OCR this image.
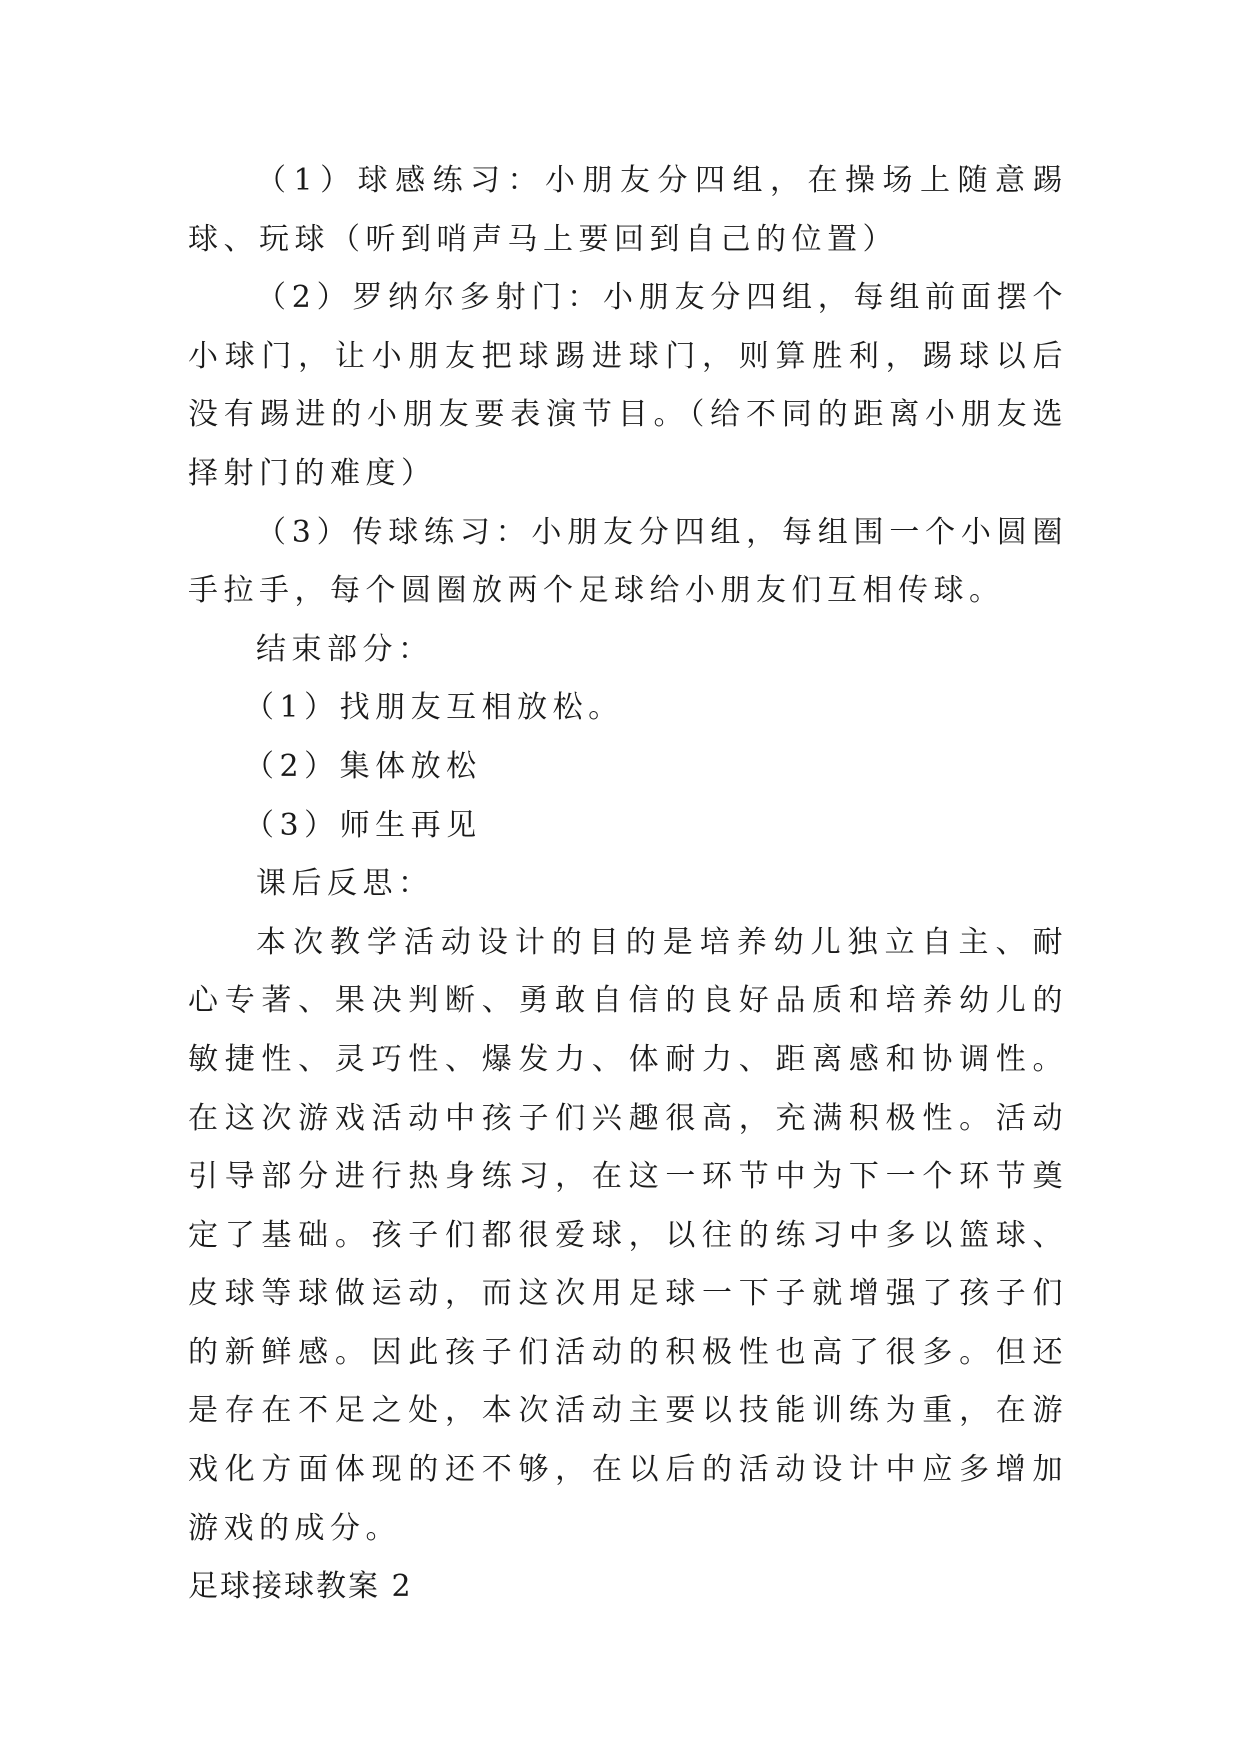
（1）球感练习：小朋友分四组，在操场上随意踢球、玩球（听到哨声马上要回到自己的位置）

（2）罗纳尔多射门：小朋友分四组，每组前面摆个小球门，让小朋友把球踢进球门，则算胜利，踢球以后没有踢进的小朋友要表演节目。（给不同的距离小朋友选择射门的难度）

（3）传球练习：小朋友分四组，每组围一个小圆圈手拉手，每个圆圈放两个足球给小朋友们互相传球。

结束部分：

（1）找朋友互相放松。

（2）集体放松

（3）师生再见

课后反思：

本次教学活动设计的目的是培养幼儿独立自主、耐心专著、果决判断、勇敢自信的良好品质和培养幼儿的敏捷性、灵巧性、爆发力、体耐力、距离感和协调性。在这次游戏活动中孩子们兴趣很高，充满积极性。活动引导部分进行热身练习，在这一环节中为下一个环节奠定了基础。孩子们都很爱球，以往的练习中多以篮球、皮球等球做运动，而这次用足球一下子就增强了孩子们的新鲜感。因此孩子们活动的积极性也高了很多。但还是存在不足之处，本次活动主要以技能训练为重，在游戏化方面体现的还不够，在以后的活动设计中应多增加游戏的成分。

足球接球教案 2
